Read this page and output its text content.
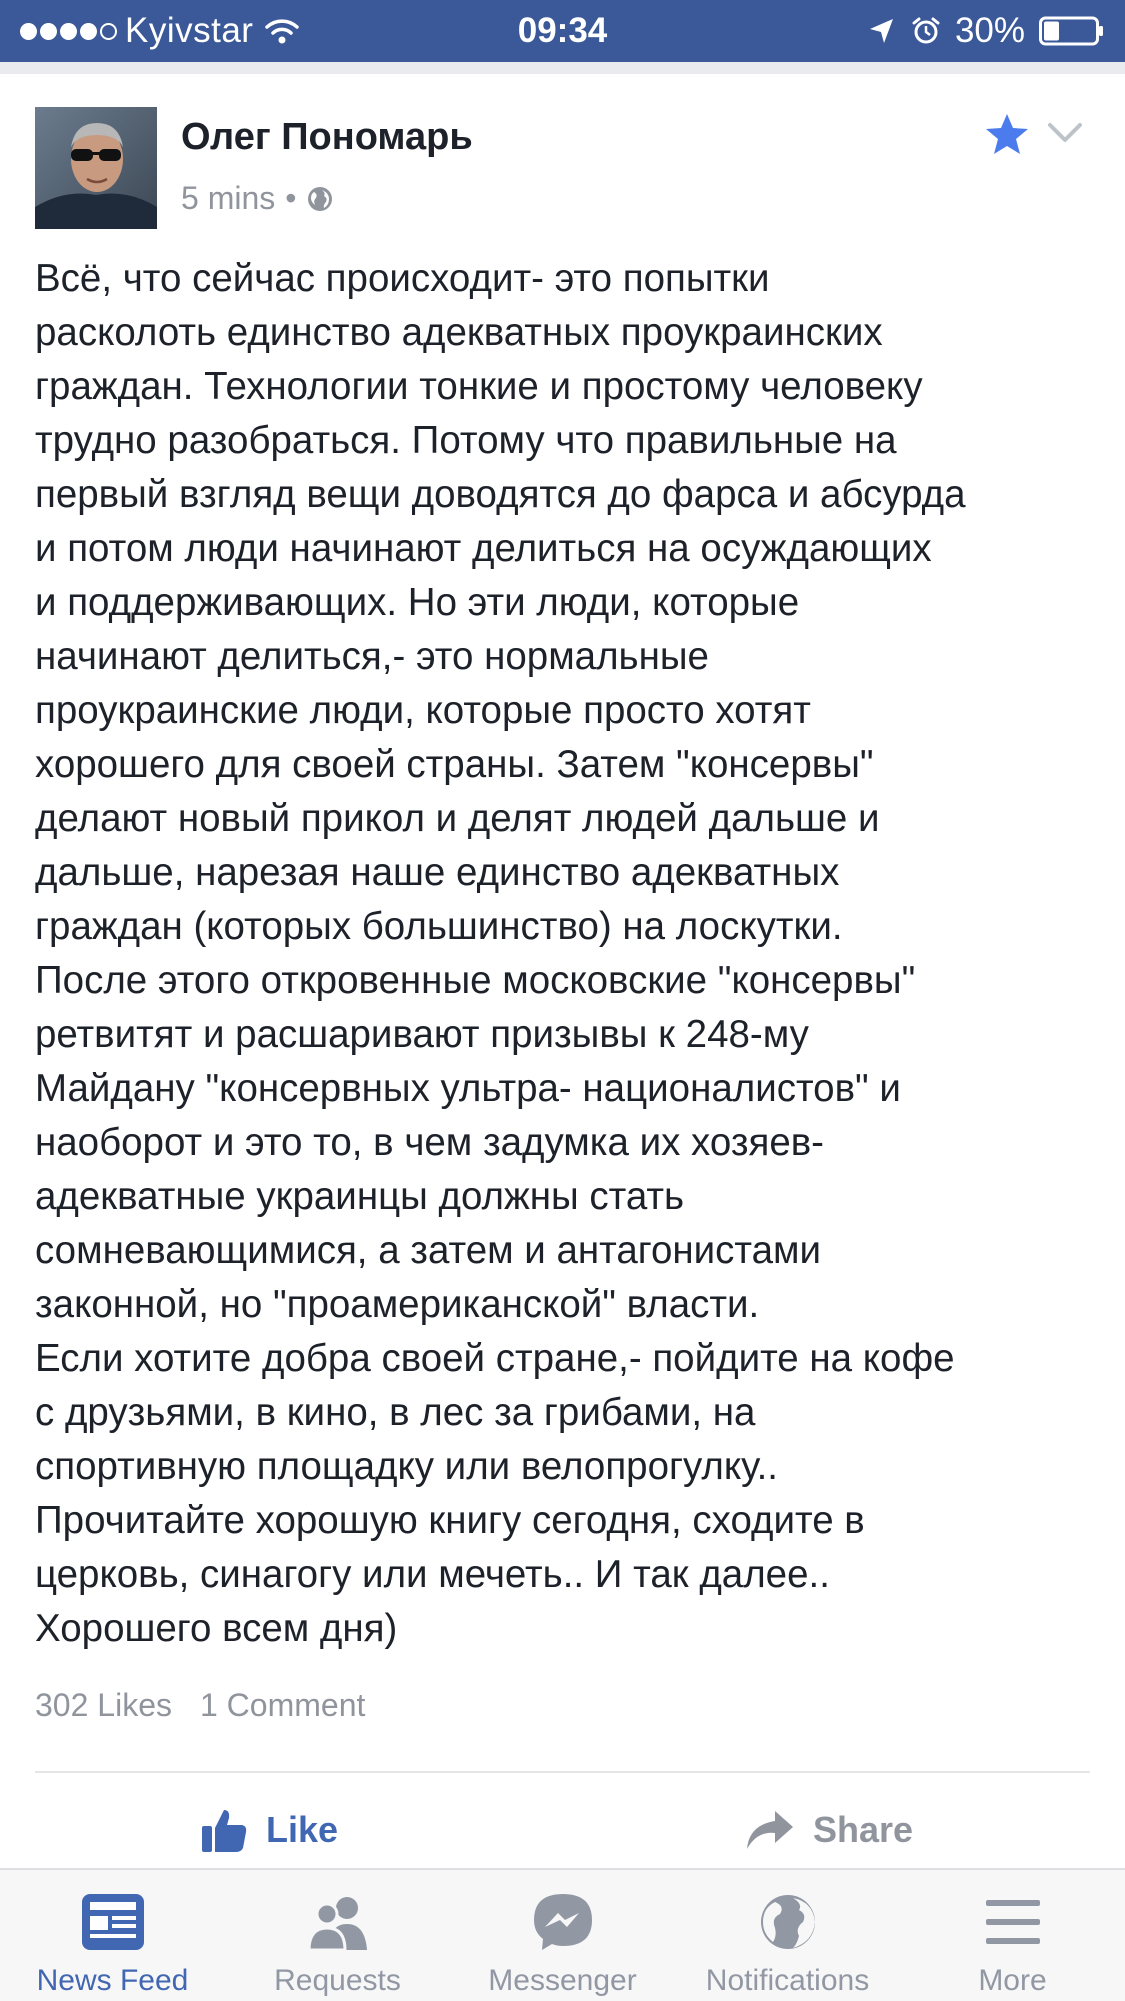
Kyivstar	09:34	30%
Олег Пономарь
5 mins •
Всё, что сейчас происходит- это попытки
расколоть единство адекватных проукраинских
граждан. Технологии тонкие и простому человеку
трудно разобраться. Потому что правильные на
первый взгляд вещи доводятся до фарса и абсурда
и потом люди начинают делиться на осуждающих
и поддерживающих. Но эти люди, которые
начинают делиться,- это нормальные
проукраинские люди, которые просто хотят
хорошего для своей страны. Затем "консервы"
делают новый прикол и делят людей дальше и
дальше, нарезая наше единство адекватных
граждан (которых большинство) на лоскутки.
После этого откровенные московские "консервы"
ретвитят и расшаривают призывы к 248-му
Майдану "консервных ультра- националистов" и
наоборот и это то, в чем задумка их хозяев-
адекватные украинцы должны стать
сомневающимися, а затем и антагонистами
законной, но "проамериканской" власти.
Если хотите добра своей стране,- пойдите на кофе
с друзьями, в кино, в лес за грибами, на
спортивную площадку или велопрогулку..
Прочитайте хорошую книгу сегодня, сходите в
церковь, синагогу или мечеть.. И так далее..
Хорошего всем дня)
302 Likes 1 Comment
Like	Share
News Feed	Requests	Messenger	Notifications	More
